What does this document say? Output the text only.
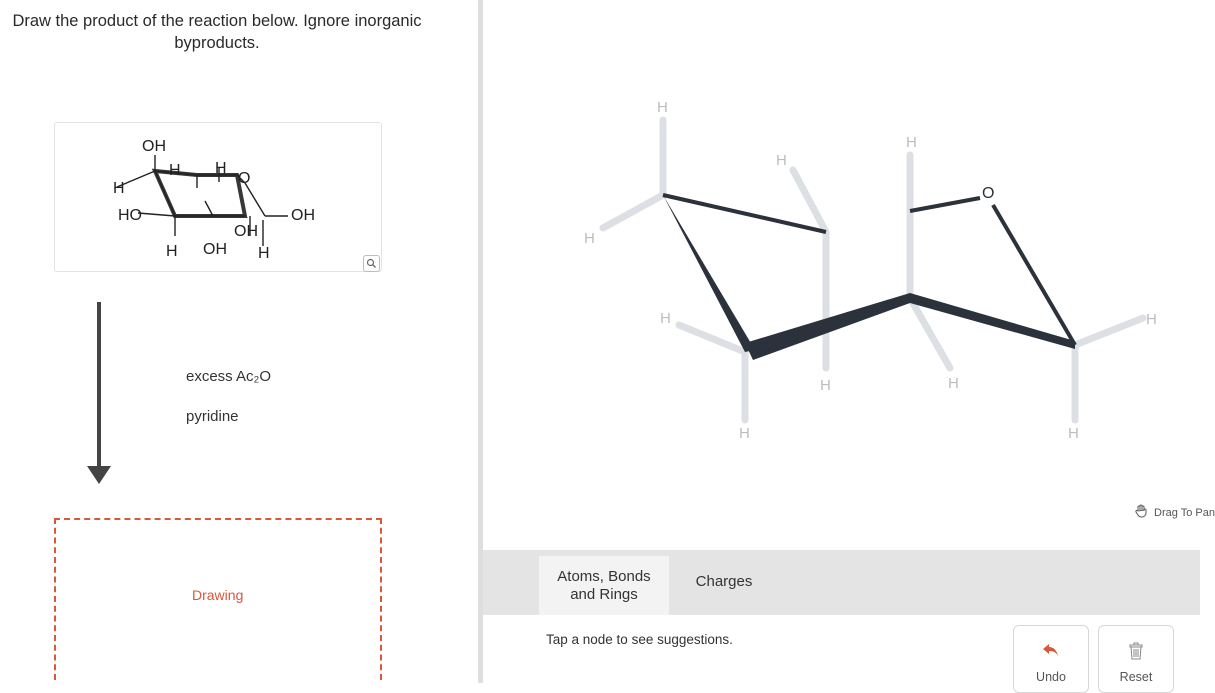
Draw the product of the reaction below. Ignore inorganic
byproducts.
OH
H H
O
H
HO	OH
OH
H OH H
excess Ac₂O
pyridine
Drawing
H
H
H
H
H	H
H
H	H
H
O
Drag To Pan
Atoms, Bonds and Rings
Charges
Tap a node to see suggestions.
Undo	Reset
